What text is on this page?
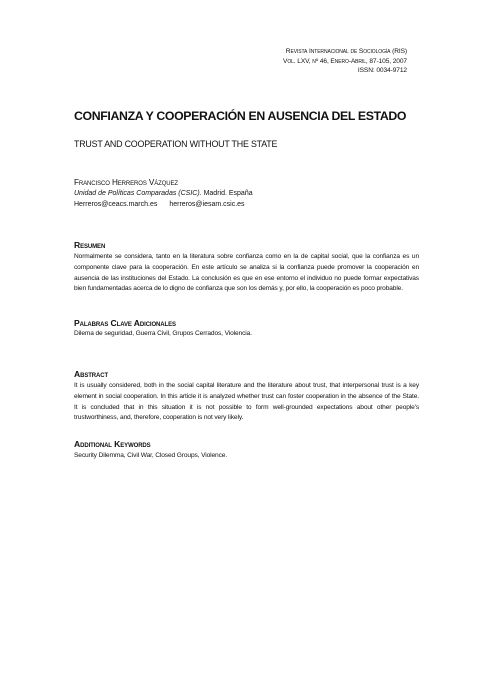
Revista Internacional de Sociología (RIS)
Vol. LXV, nº 46, Enero-Abril, 87-105, 2007
ISSN: 0034-9712
CONFIANZA Y COOPERACIÓN EN AUSENCIA DEL ESTADO
TRUST AND COOPERATION WITHOUT THE STATE
Francisco Herreros Vázquez
Unidad de Políticas Comparadas (CSIC). Madrid. España
Herreros@ceacs.march.es herreros@iesam.csic.es
Resumen
Normalmente se considera, tanto en la literatura sobre confianza como en la de capital social, que la confianza es un componente clave para la cooperación. En este artículo se analiza si la confianza puede promover la cooperación en ausencia de las instituciones del Estado. La conclusión es que en ese entorno el individuo no puede formar expectativas bien fundamentadas acerca de lo digno de confianza que son los demás y, por ello, la cooperación es poco probable.
Palabras Clave Adicionales
Dilema de seguridad, Guerra Civil, Grupos Cerrados, Violencia.
Abstract
It is usually considered, both in the social capital literature and the literature about trust, that interpersonal trust is a key element in social cooperation. In this article it is analyzed whether trust can foster cooperation in the absence of the State. It is concluded that in this situation it is not possible to form well-grounded expectations about other people's trustworthiness, and, therefore, cooperation is not very likely.
Additional Keywords
Security Dilemma, Civil War, Closed Groups, Violence.
